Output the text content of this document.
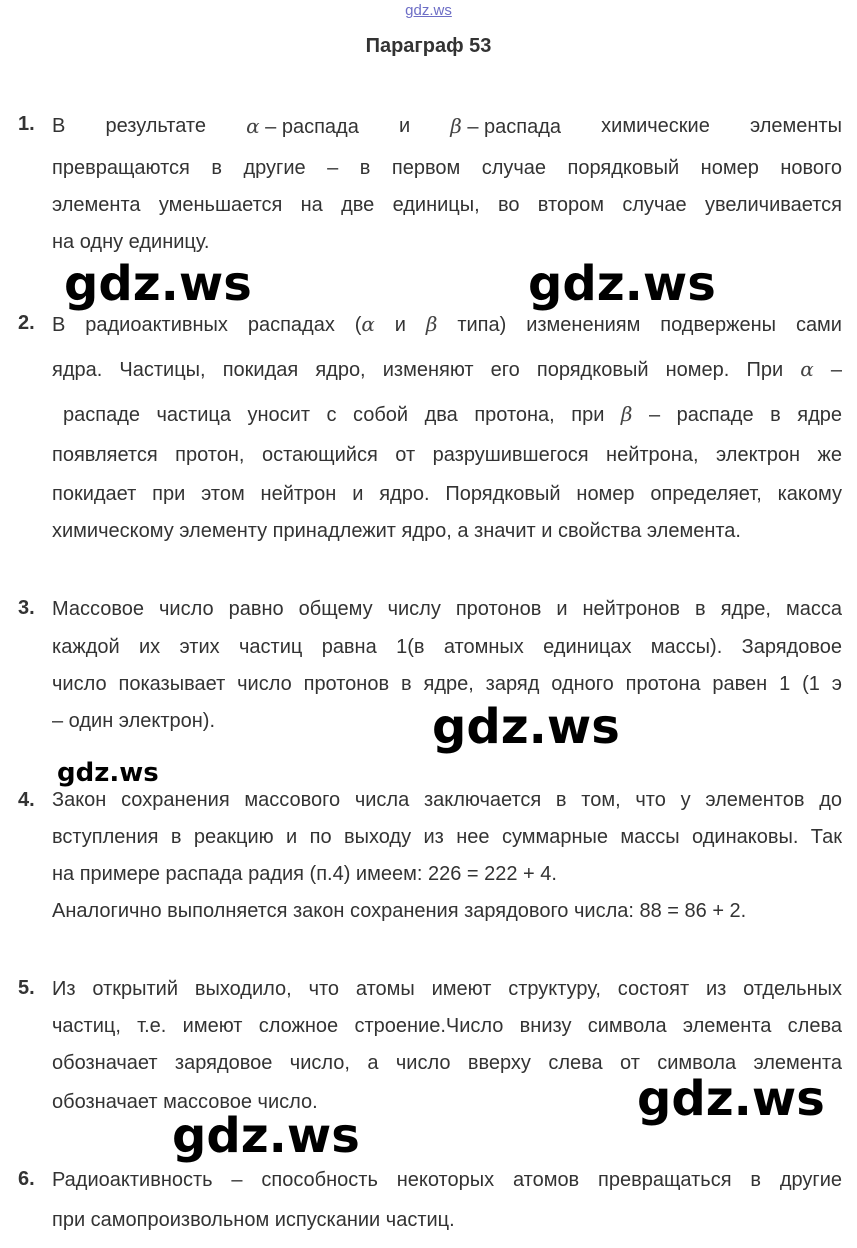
gdz.ws
Параграф 53
1. В результате α – распада и β – распада химические элементы
превращаются в другие – в первом случае порядковый номер нового
элемента уменьшается на две единицы, во втором случае увеличивается
на одну единицу.
gdz.ws	gdz.ws
2. В радиоактивных распадах (α и β типа) изменениям подвержены сами
ядра. Частицы, покидая ядро, изменяют его порядковый номер. При α –
распаде частица уносит с собой два протона, при β – распаде в ядре
появляется протон, остающийся от разрушившегося нейтрона, электрон же
покидает при этом нейтрон и ядро. Порядковый номер определяет, какому
химическому элементу принадлежит ядро, а значит и свойства элемента.
3. Массовое число равно общему числу протонов и нейтронов в ядре, масса
каждой их этих частиц равна 1(в атомных единицах массы). Зарядовое
число показывает число протонов в ядре, заряд одного протона равен 1 (1 э
– один электрон).	gdz.ws
gdz.ws
4. Закон сохранения массового числа заключается в том, что у элементов до
вступления в реакцию и по выходу из нее суммарные массы одинаковы. Так
на примере распада радия (п.4) имеем: 226 = 222 + 4.
Аналогично выполняется закон сохранения зарядового числа: 88 = 86 + 2.
5. Из открытий выходило, что атомы имеют структуру, состоят из отдельных
частиц, т.е. имеют сложное строение.Число внизу символа элемента слева
обозначает зарядовое число, а число вверху слева от символа элемента
обозначает массовое число.	gdz.ws
gdz.ws
6. Радиоактивность – способность некоторых атомов превращаться в другие
при самопроизвольном испускании частиц.
